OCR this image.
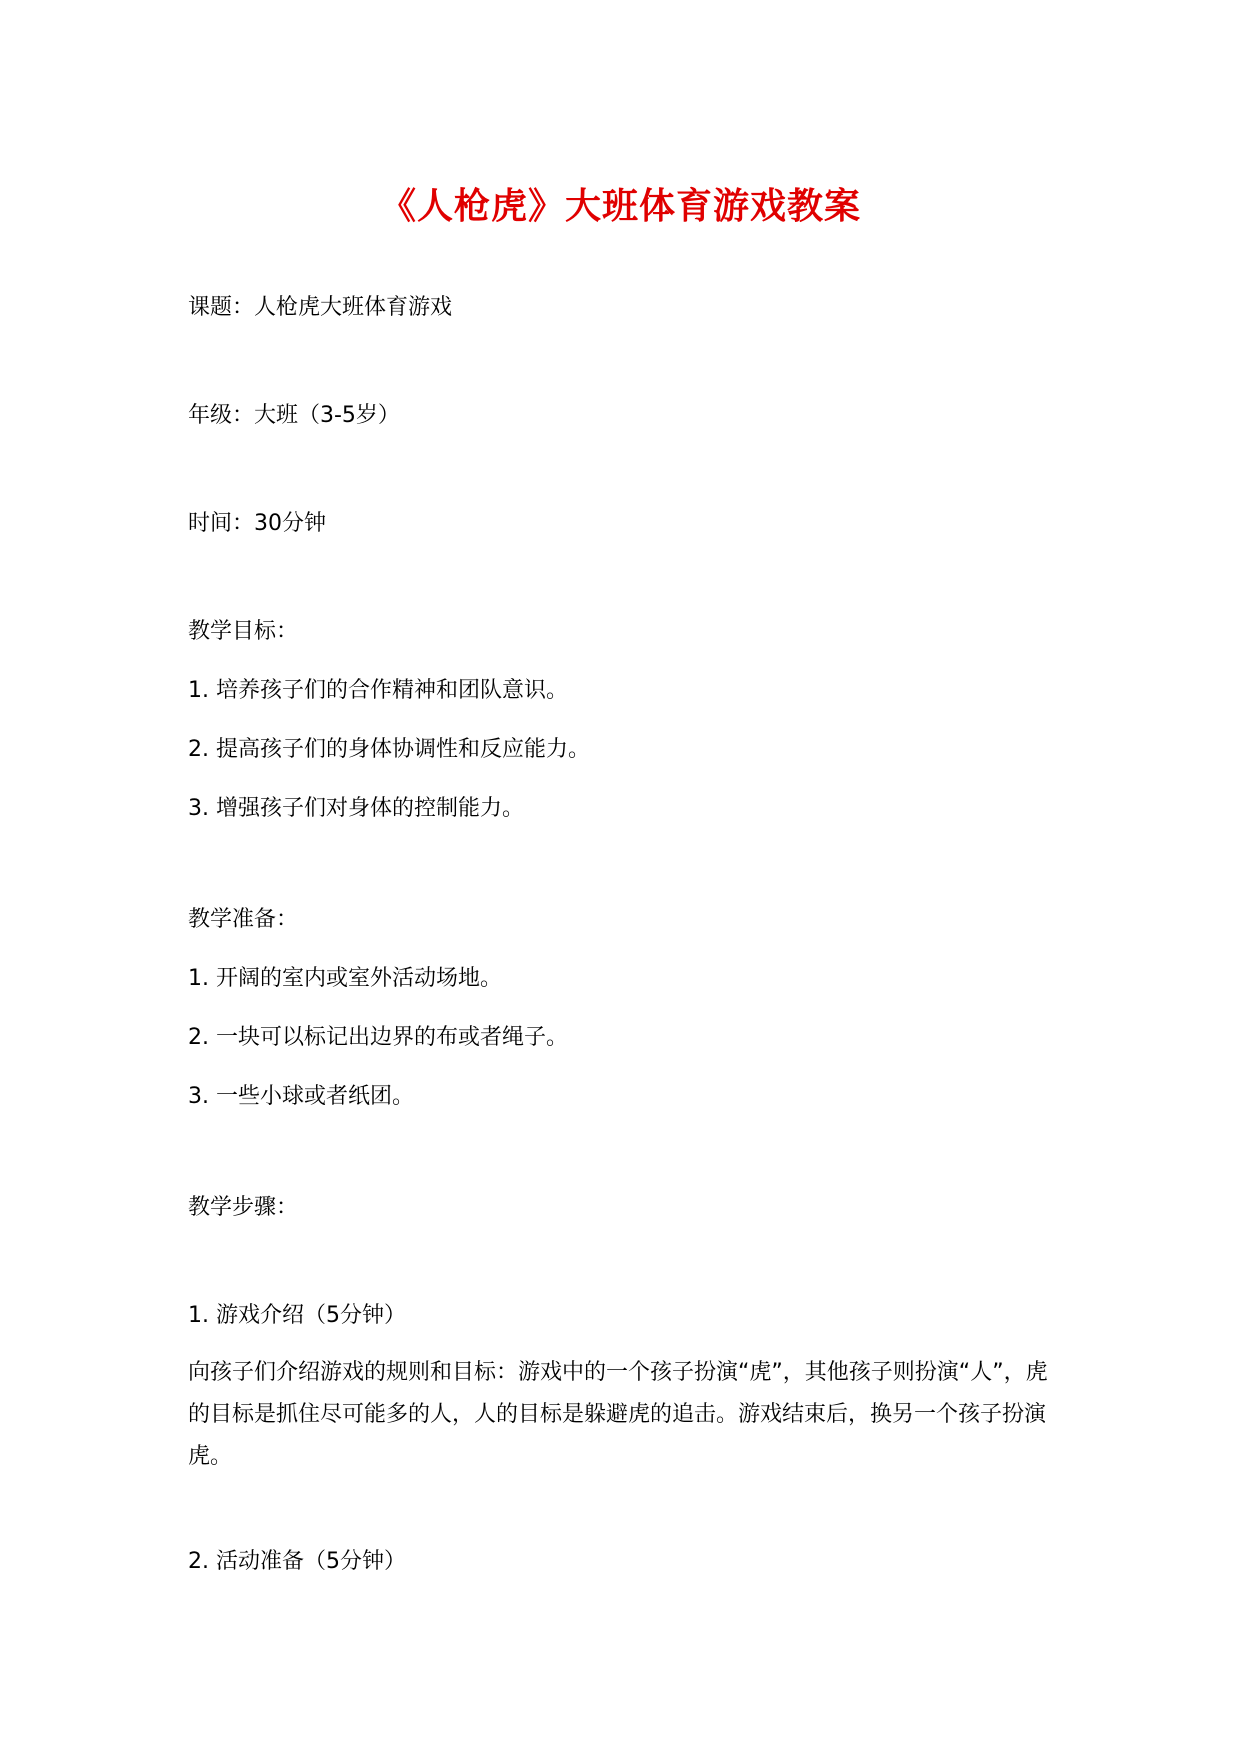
《人枪虎》大班体育游戏教案
课题：人枪虎大班体育游戏
年级：大班（3-5岁）
时间：30分钟
教学目标：
1. 培养孩子们的合作精神和团队意识。
2. 提高孩子们的身体协调性和反应能力。
3. 增强孩子们对身体的控制能力。
教学准备：
1. 开阔的室内或室外活动场地。
2. 一块可以标记出边界的布或者绳子。
3. 一些小球或者纸团。
教学步骤：
1. 游戏介绍（5分钟）
向孩子们介绍游戏的规则和目标：游戏中的一个孩子扮演“虎”，其他孩子则扮演“人”，虎的目标是抓住尽可能多的人，人的目标是躲避虎的追击。游戏结束后，换另一个孩子扮演虎。
2. 活动准备（5分钟）
